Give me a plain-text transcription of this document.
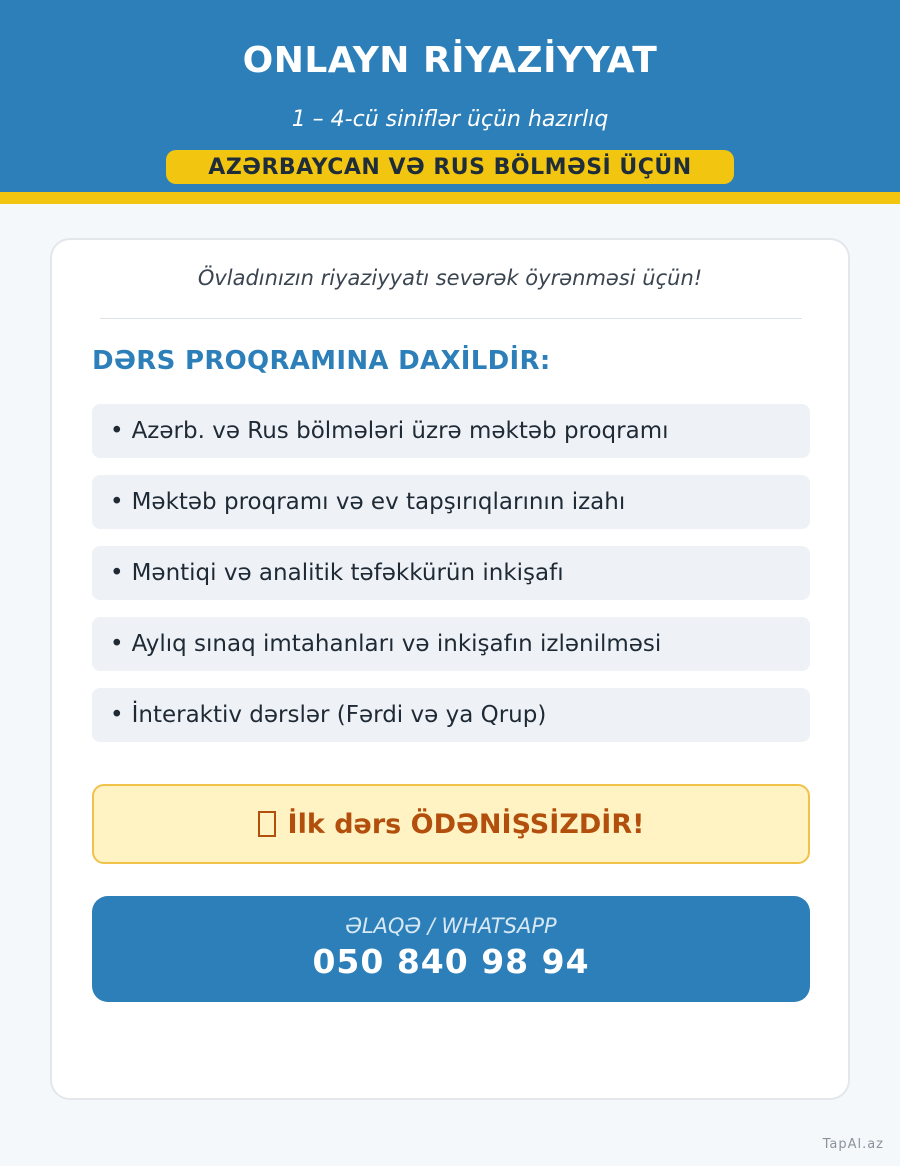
ONLAYN RİYAZİYYAT
1 – 4-cü siniflər üçün hazırlıq
AZƏRBAYCAN VƏ RUS BÖLMƏSİ ÜÇÜN
Övladınızın riyaziyyatı sevərək öyrənməsi üçün!
DƏRS PROQRAMINA DAXİLDİR:
• Azərb. və Rus bölmələri üzrə məktəb proqramı
• Məktəb proqramı və ev tapşırıqlarının izahı
• Məntiqi və analitik təfəkkürün inkişafı
• Aylıq sınaq imtahanları və inkişafın izlənilməsi
• İnteraktiv dərslər (Fərdi və ya Qrup)
İlk dərs ÖDƏNİŞSİZDİR!
ƏLAQƏ / WHATSAPP
050 840 98 94
TapAl.az
